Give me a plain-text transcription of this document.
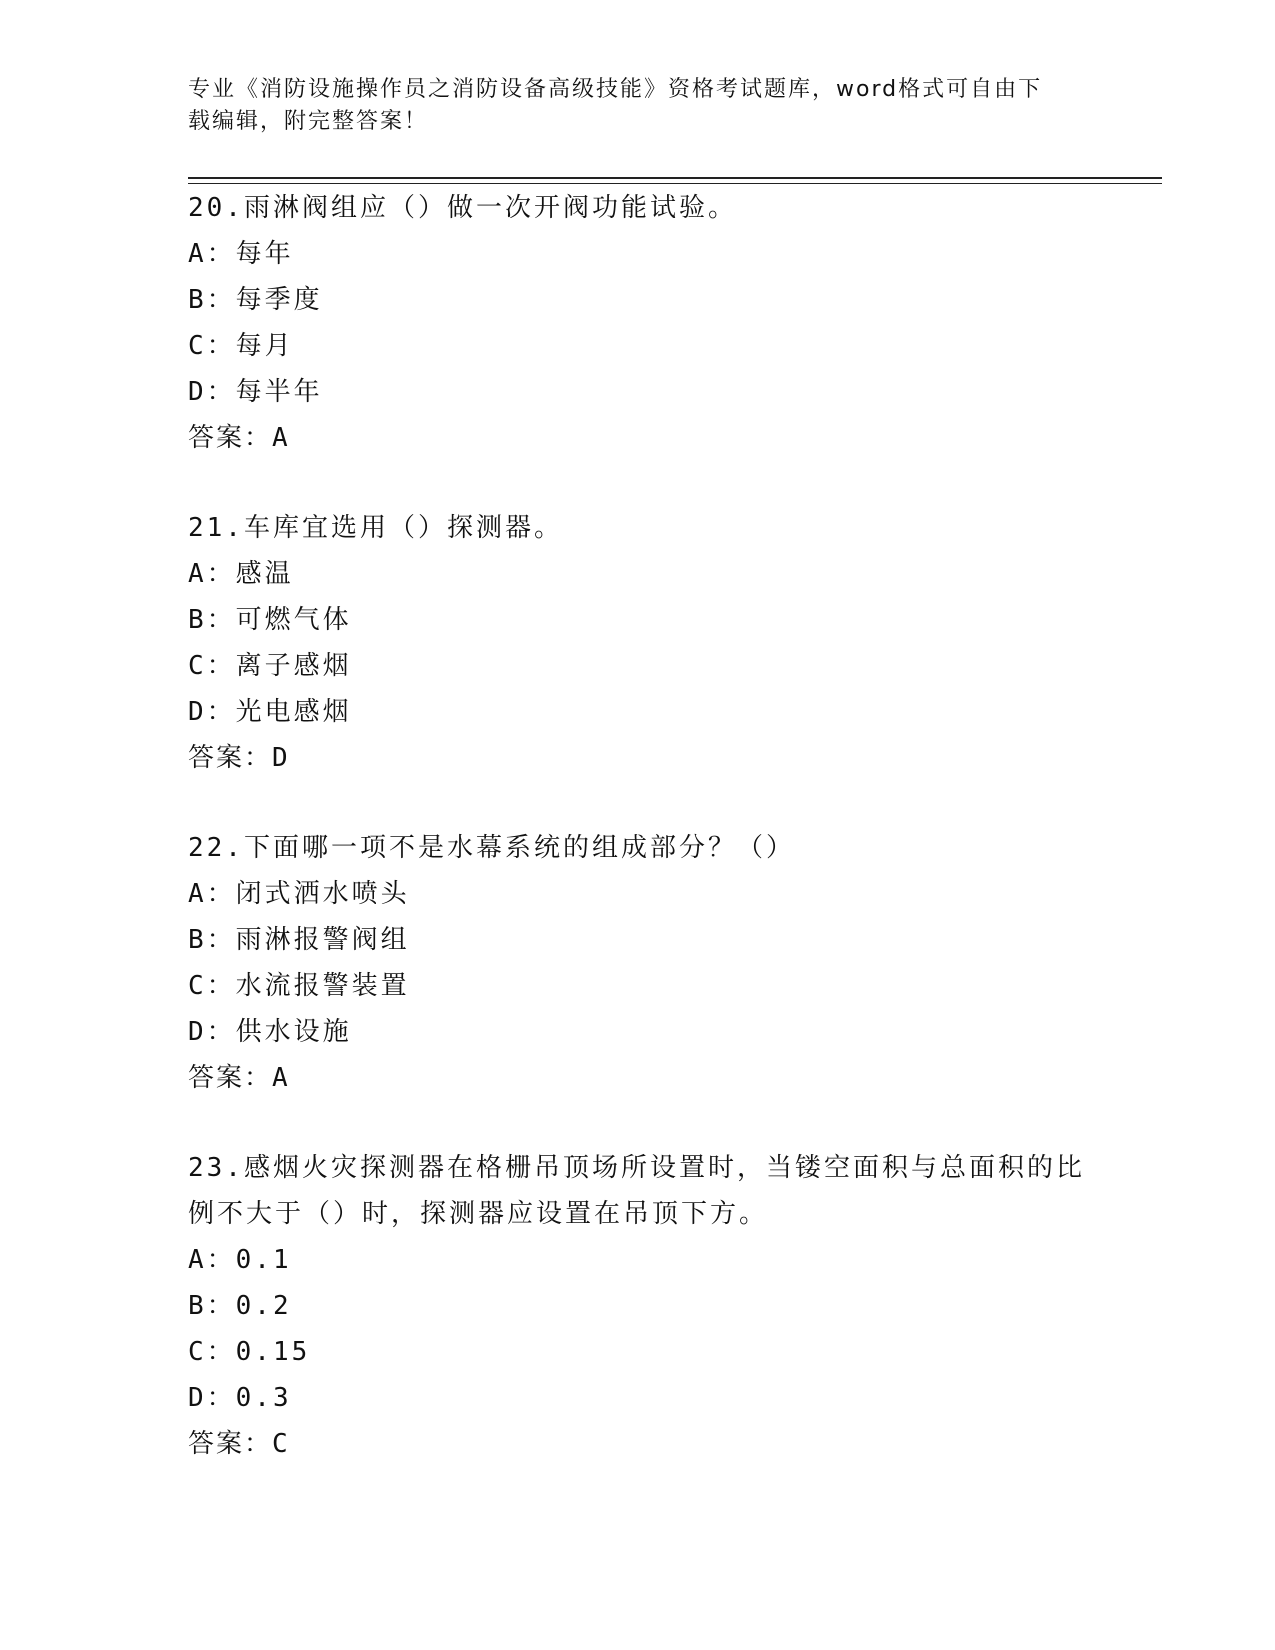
专业《消防设施操作员之消防设备高级技能》资格考试题库，word格式可自由下
载编辑，附完整答案！
20.雨淋阀组应（）做一次开阀功能试验。
A：每年
B：每季度
C：每月
D：每半年
答案：A
21.车库宜选用（）探测器。
A：感温
B：可燃气体
C：离子感烟
D：光电感烟
答案：D
22.下面哪一项不是水幕系统的组成部分？（）
A：闭式洒水喷头
B：雨淋报警阀组
C：水流报警装置
D：供水设施
答案：A
23.感烟火灾探测器在格栅吊顶场所设置时，当镂空面积与总面积的比
例不大于（）时，探测器应设置在吊顶下方。
A：0.1
B：0.2
C：0.15
D：0.3
答案：C
